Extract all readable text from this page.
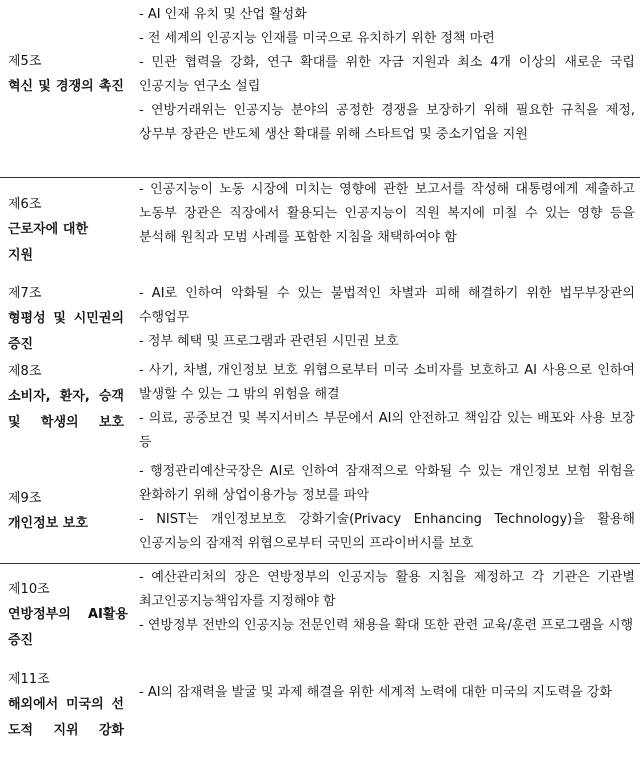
제5조
혁신 및 경쟁의 촉진
- AI 인재 유치 및 산업 활성화
- 전 세계의 인공지능 인재를 미국으로 유치하기 위한 정책 마련
- 민관 협력을 강화, 연구 확대를 위한 자금 지원과 최소 4개 이상의 새로운 국립 인공지능 연구소 설립
- 연방거래위는 인공지능 분야의 공정한 경쟁을 보장하기 위해 필요한 규칙을 제정, 상무부 장관은 반도체 생산 확대를 위해 스타트업 및 중소기업을 지원
제6조
근로자에 대한 지원
- 인공지능이 노동 시장에 미치는 영향에 관한 보고서를 작성해 대통령에게 제출하고 노동부 장관은 직장에서 활용되는 인공지능이 직원 복지에 미칠 수 있는 영향 등을 분석해 원칙과 모범 사례를 포함한 지침을 채택하여야 함
제7조
형평성 및 시민권의 증진
- AI로 인하여 악화될 수 있는 불법적인 차별과 피해 해결하기 위한 법무부장관의 수행업무
- 정부 혜택 및 프로그램과 관련된 시민권 보호
제8조
소비자, 환자, 승객 및 학생의 보호
- 사기, 차별, 개인정보 보호 위협으로부터 미국 소비자를 보호하고 AI 사용으로 인하여 발생할 수 있는 그 밖의 위험을 해결
- 의료, 공중보건 및 복지서비스 부문에서 AI의 안전하고 책임감 있는 배포와 사용 보장 등
제9조
개인정보 보호
- 행정관리예산국장은 AI로 인하여 잠재적으로 악화될 수 있는 개인정보 보험 위험을 완화하기 위해 상업이용가능 정보를 파악
- NIST는 개인정보보호 강화기술(Privacy Enhancing Technology)을 활용해 인공지능의 잠재적 위협으로부터 국민의 프라이버시를 보호
제10조
연방정부의 AI활용 증진
- 예산관리처의 장은 연방정부의 인공지능 활용 지침을 제정하고 각 기관은 기관별 최고인공지능책임자를 지정해야 함
- 연방정부 전반의 인공지능 전문인력 채용을 확대 또한 관련 교육/훈련 프로그램을 시행
제11조
해외에서 미국의 선도적 지위 강화
- AI의 잠재력을 발굴 및 과제 해결을 위한 세계적 노력에 대한 미국의 지도력을 강화
